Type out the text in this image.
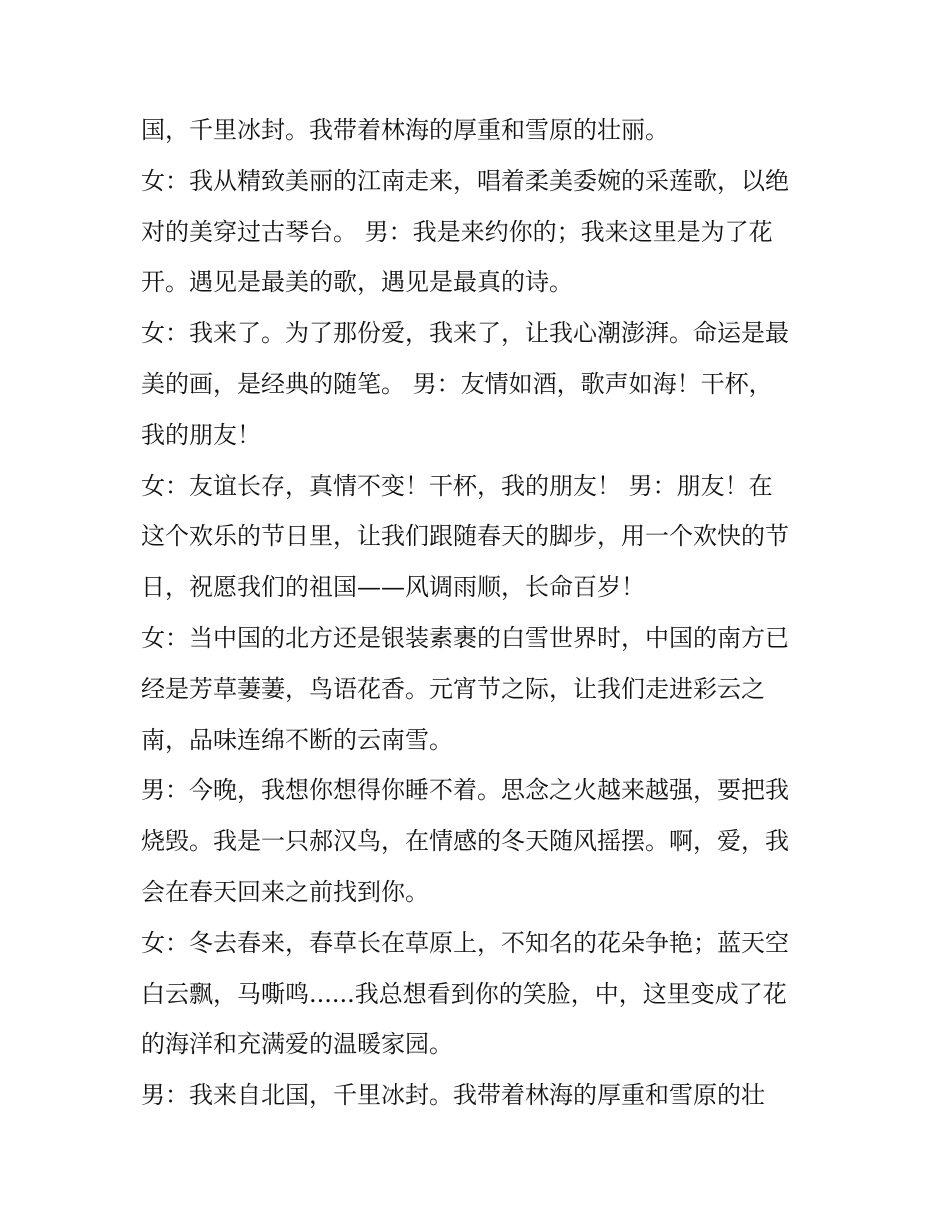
国，千里冰封。我带着林海的厚重和雪原的壮丽。
女：我从精致美丽的江南走来，唱着柔美委婉的采莲歌，以绝
对的美穿过古琴台。 男：我是来约你的；我来这里是为了花
开。遇见是最美的歌，遇见是最真的诗。
女：我来了。为了那份爱，我来了，让我心潮澎湃。命运是最
美的画，是经典的随笔。 男：友情如酒，歌声如海！干杯，
我的朋友！
女：友谊长存，真情不变！干杯，我的朋友！ 男：朋友！在
这个欢乐的节日里，让我们跟随春天的脚步，用一个欢快的节
日，祝愿我们的祖国——风调雨顺，长命百岁！
女：当中国的北方还是银装素裹的白雪世界时，中国的南方已
经是芳草萋萋，鸟语花香。元宵节之际，让我们走进彩云之
南，品味连绵不断的云南雪。
男：今晚，我想你想得你睡不着。思念之火越来越强，要把我
烧毁。我是一只郝汉鸟，在情感的冬天随风摇摆。啊，爱，我
会在春天回来之前找到你。
女：冬去春来，春草长在草原上，不知名的花朵争艳；蓝天空
白云飘，马嘶鸣......我总想看到你的笑脸，中，这里变成了花
的海洋和充满爱的温暖家园。
男：我来自北国，千里冰封。我带着林海的厚重和雪原的壮
